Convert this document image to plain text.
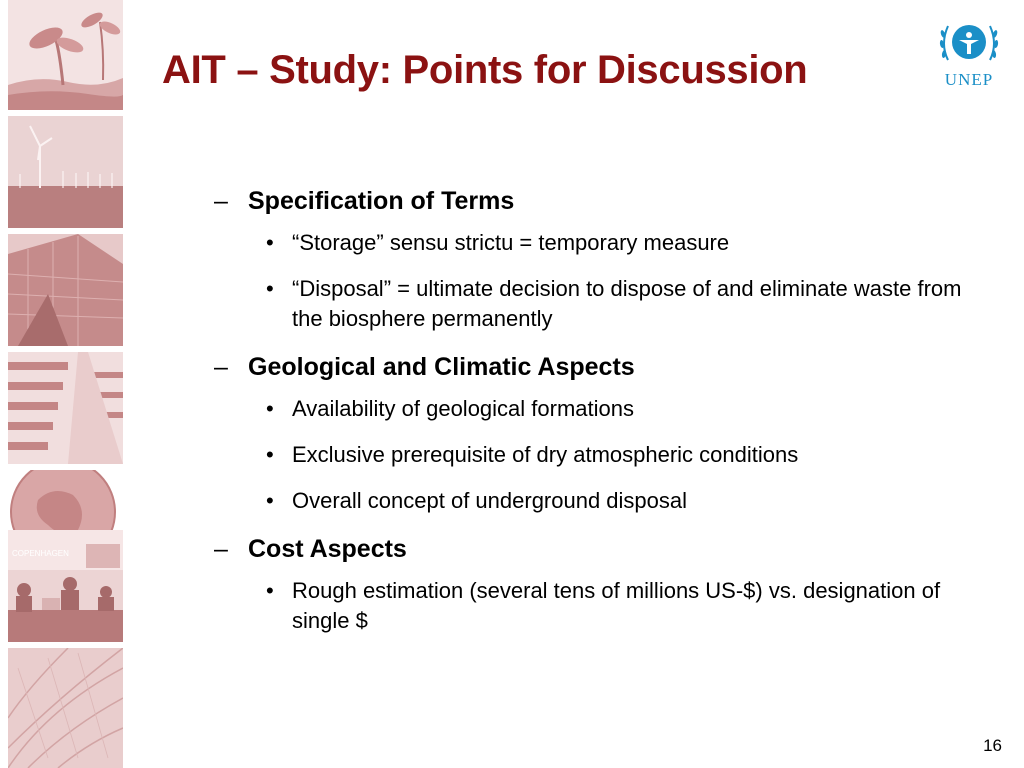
COPENHAGEN
AIT – Study: Points for Discussion	UNEP
– Specification of Terms
• “Storage” sensu strictu = temporary measure
• “Disposal” = ultimate decision to dispose of and eliminate waste from the biosphere permanently
– Geological and Climatic Aspects
• Availability of geological formations
• Exclusive prerequisite of dry atmospheric conditions
• Overall concept of underground disposal
– Cost Aspects
• Rough estimation (several tens of millions US-$) vs. designation of single $
16
